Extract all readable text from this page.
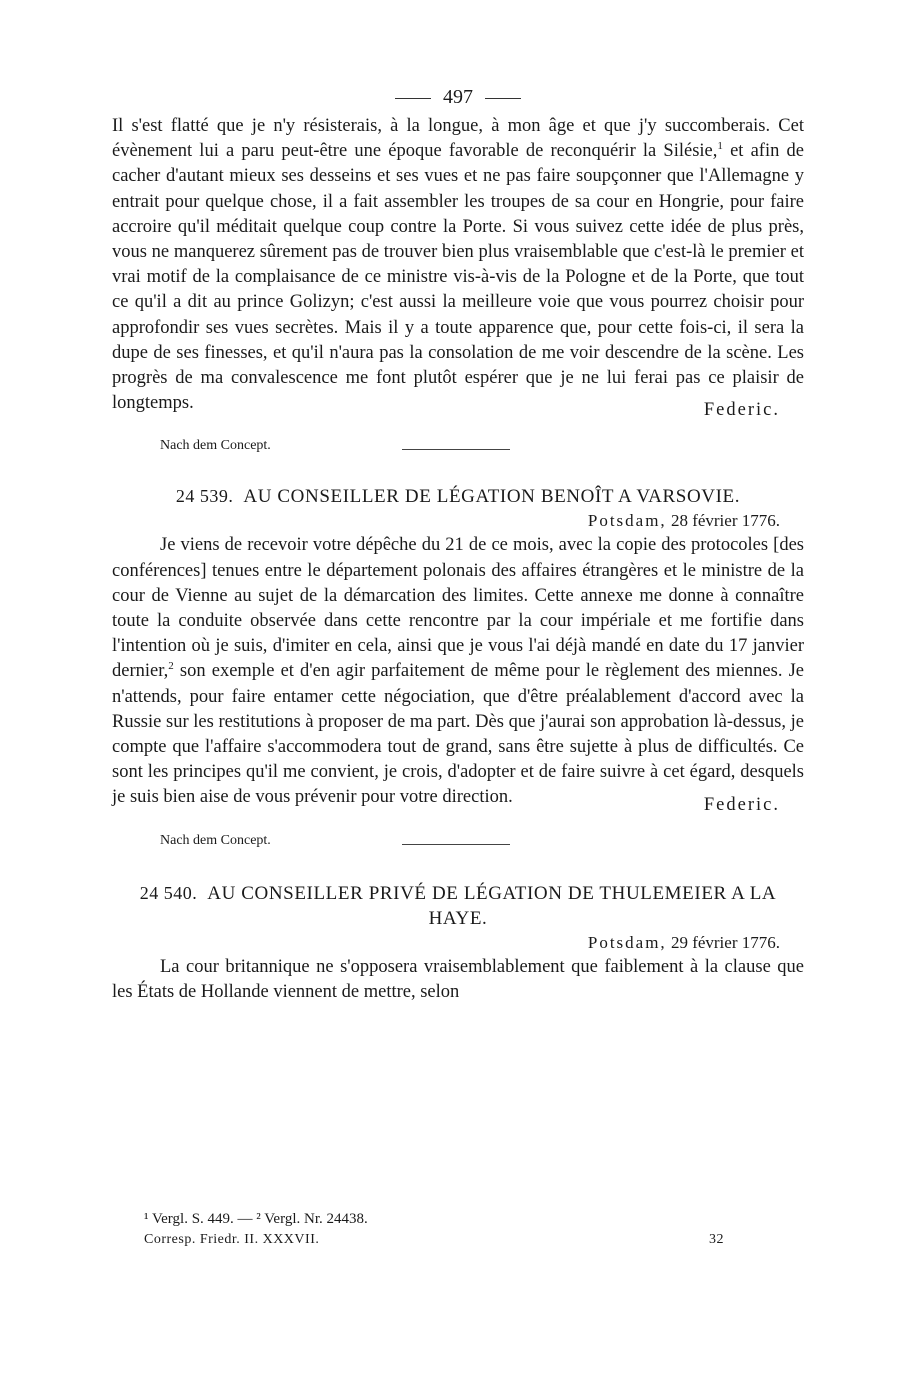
497

Il s'est flatté que je n'y résisterais, à la longue, à mon âge et que j'y succomberais. Cet évènement lui a paru peut-être une époque favorable de reconquérir la Silésie,$^1$ et afin de cacher d'autant mieux ses desseins et ses vues et ne pas faire soupçonner que l'Allemagne y entrait pour quelque chose, il a fait assembler les troupes de sa cour en Hongrie, pour faire accroire qu'il méditait quelque coup contre la Porte. Si vous suivez cette idée de plus près, vous ne manquerez sûrement pas de trouver bien plus vraisemblable que c'est-là le premier et vrai motif de la complaisance de ce ministre vis-à-vis de la Pologne et de la Porte, que tout ce qu'il a dit au prince Golizyn; c'est aussi la meilleure voie que vous pourrez choisir pour approfondir ses vues secrètes. Mais il y a toute apparence que, pour cette fois-ci, il sera la dupe de ses finesses, et qu'il n'aura pas la consolation de me voir descendre de la scène. Les progrès de ma convalescence me font plutôt espérer que je ne lui ferai pas ce plaisir de longtemps.	Federic.
Nach dem Concept.

24 539. AU CONSEILLER DE LÉGATION BENOÎT A VARSOVIE.

Potsdam, 28 février 1776.

Je viens de recevoir votre dépêche du 21 de ce mois, avec la copie des protocoles [des conférences] tenues entre le département polonais des affaires étrangères et le ministre de la cour de Vienne au sujet de la démarcation des limites. Cette annexe me donne à connaître toute la conduite observée dans cette rencontre par la cour impériale et me fortifie dans l'intention où je suis, d'imiter en cela, ainsi que je vous l'ai déjà mandé en date du 17 janvier dernier,$^2$ son exemple et d'en agir parfaitement de même pour le règlement des miennes. Je n'attends, pour faire entamer cette négociation, que d'être préalablement d'accord avec la Russie sur les restitutions à proposer de ma part. Dès que j'aurai son approbation là-dessus, je compte que l'affaire s'accommodera tout de grand, sans être sujette à plus de difficultés. Ce sont les principes qu'il me convient, je crois, d'adopter et de faire suivre à cet égard, desquels je suis bien aise de vous prévenir pour votre direction.	Federic.
Nach dem Concept.

24 540. AU CONSEILLER PRIVÉ DE LÉGATION DE THULEMEIER A LA HAYE.

Potsdam, 29 février 1776.

La cour britannique ne s'opposera vraisemblablement que faiblement à la clause que les États de Hollande viennent de mettre, selon

¹ Vergl. S. 449. — ² Vergl. Nr. 24438.
Corresp. Friedr. II. XXXVII.	32
